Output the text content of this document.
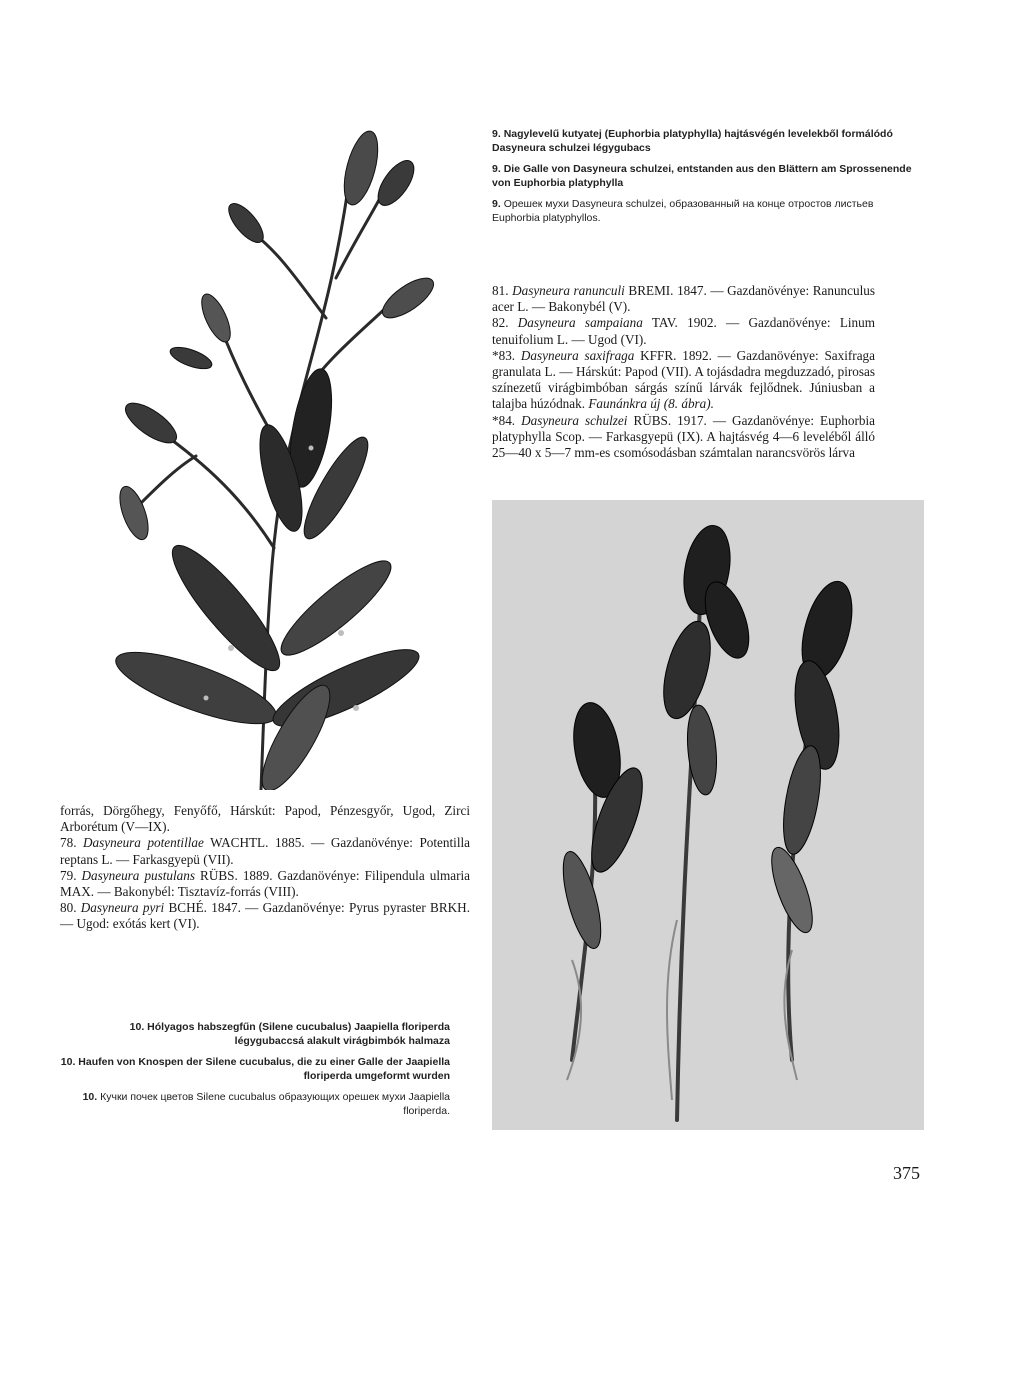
9. Nagylevelű kutyatej (Euphorbia platyphylla) hajtásvégén levelekből formálódó Dasyneura schulzei légygubacs

9. Die Galle von Dasyneura schulzei, entstanden aus den Blättern am Sprossenende von Euphorbia platyphylla

9. Орешек мухи Dasyneura schulzei, образованный на конце отростов листьев Euphorbia platyphyllos.

81. Dasyneura ranunculi BREMI. 1847. — Gazdanövénye: Ranunculus acer L. — Bakonybél (V).

82. Dasyneura sampaiana TAV. 1902. — Gazdanövénye: Linum tenuifolium L. — Ugod (VI).

*83. Dasyneura saxifraga KFFR. 1892. — Gazdanövénye: Saxifraga granulata L. — Hárskút: Papod (VII). A tojásdadra megduzzadó, pirosas színezetű virágbimbóban sárgás színű lárvák fejlődnek. Júniusban a talajba húzódnak. Faunánkra új (8. ábra).

*84. Dasyneura schulzei RÜBS. 1917. — Gazdanövénye: Euphorbia platyphylla Scop. — Farkasgyepü (IX). A hajtásvég 4—6 leveléből álló 25—40 x 5—7 mm-es csomósodásban számtalan narancsvörös lárva

forrás, Dörgőhegy, Fenyőfő, Hárskút: Papod, Pénzesgyőr, Ugod, Zirci Arborétum (V—IX).

78. Dasyneura potentillae WACHTL. 1885. — Gazdanövénye: Potentilla reptans L. — Farkasgyepü (VII).

79. Dasyneura pustulans RÜBS. 1889. Gazdanövénye: Filipendula ulmaria MAX. — Bakonybél: Tisztavíz-forrás (VIII).

80. Dasyneura pyri BCHÉ. 1847. — Gazdanövénye: Pyrus pyraster BRKH. — Ugod: exótás kert (VI).

10. Hólyagos habszegfűn (Silene cucubalus) Jaapiella floriperda légygubaccsá alakult virágbimbók halmaza

10. Haufen von Knospen der Silene cucubalus, die zu einer Galle der Jaapiella floriperda umgeformt wurden

10. Кучки почек цветов Silene cucubalus образующих орешек мухи Jaapiella floriperda.

375
